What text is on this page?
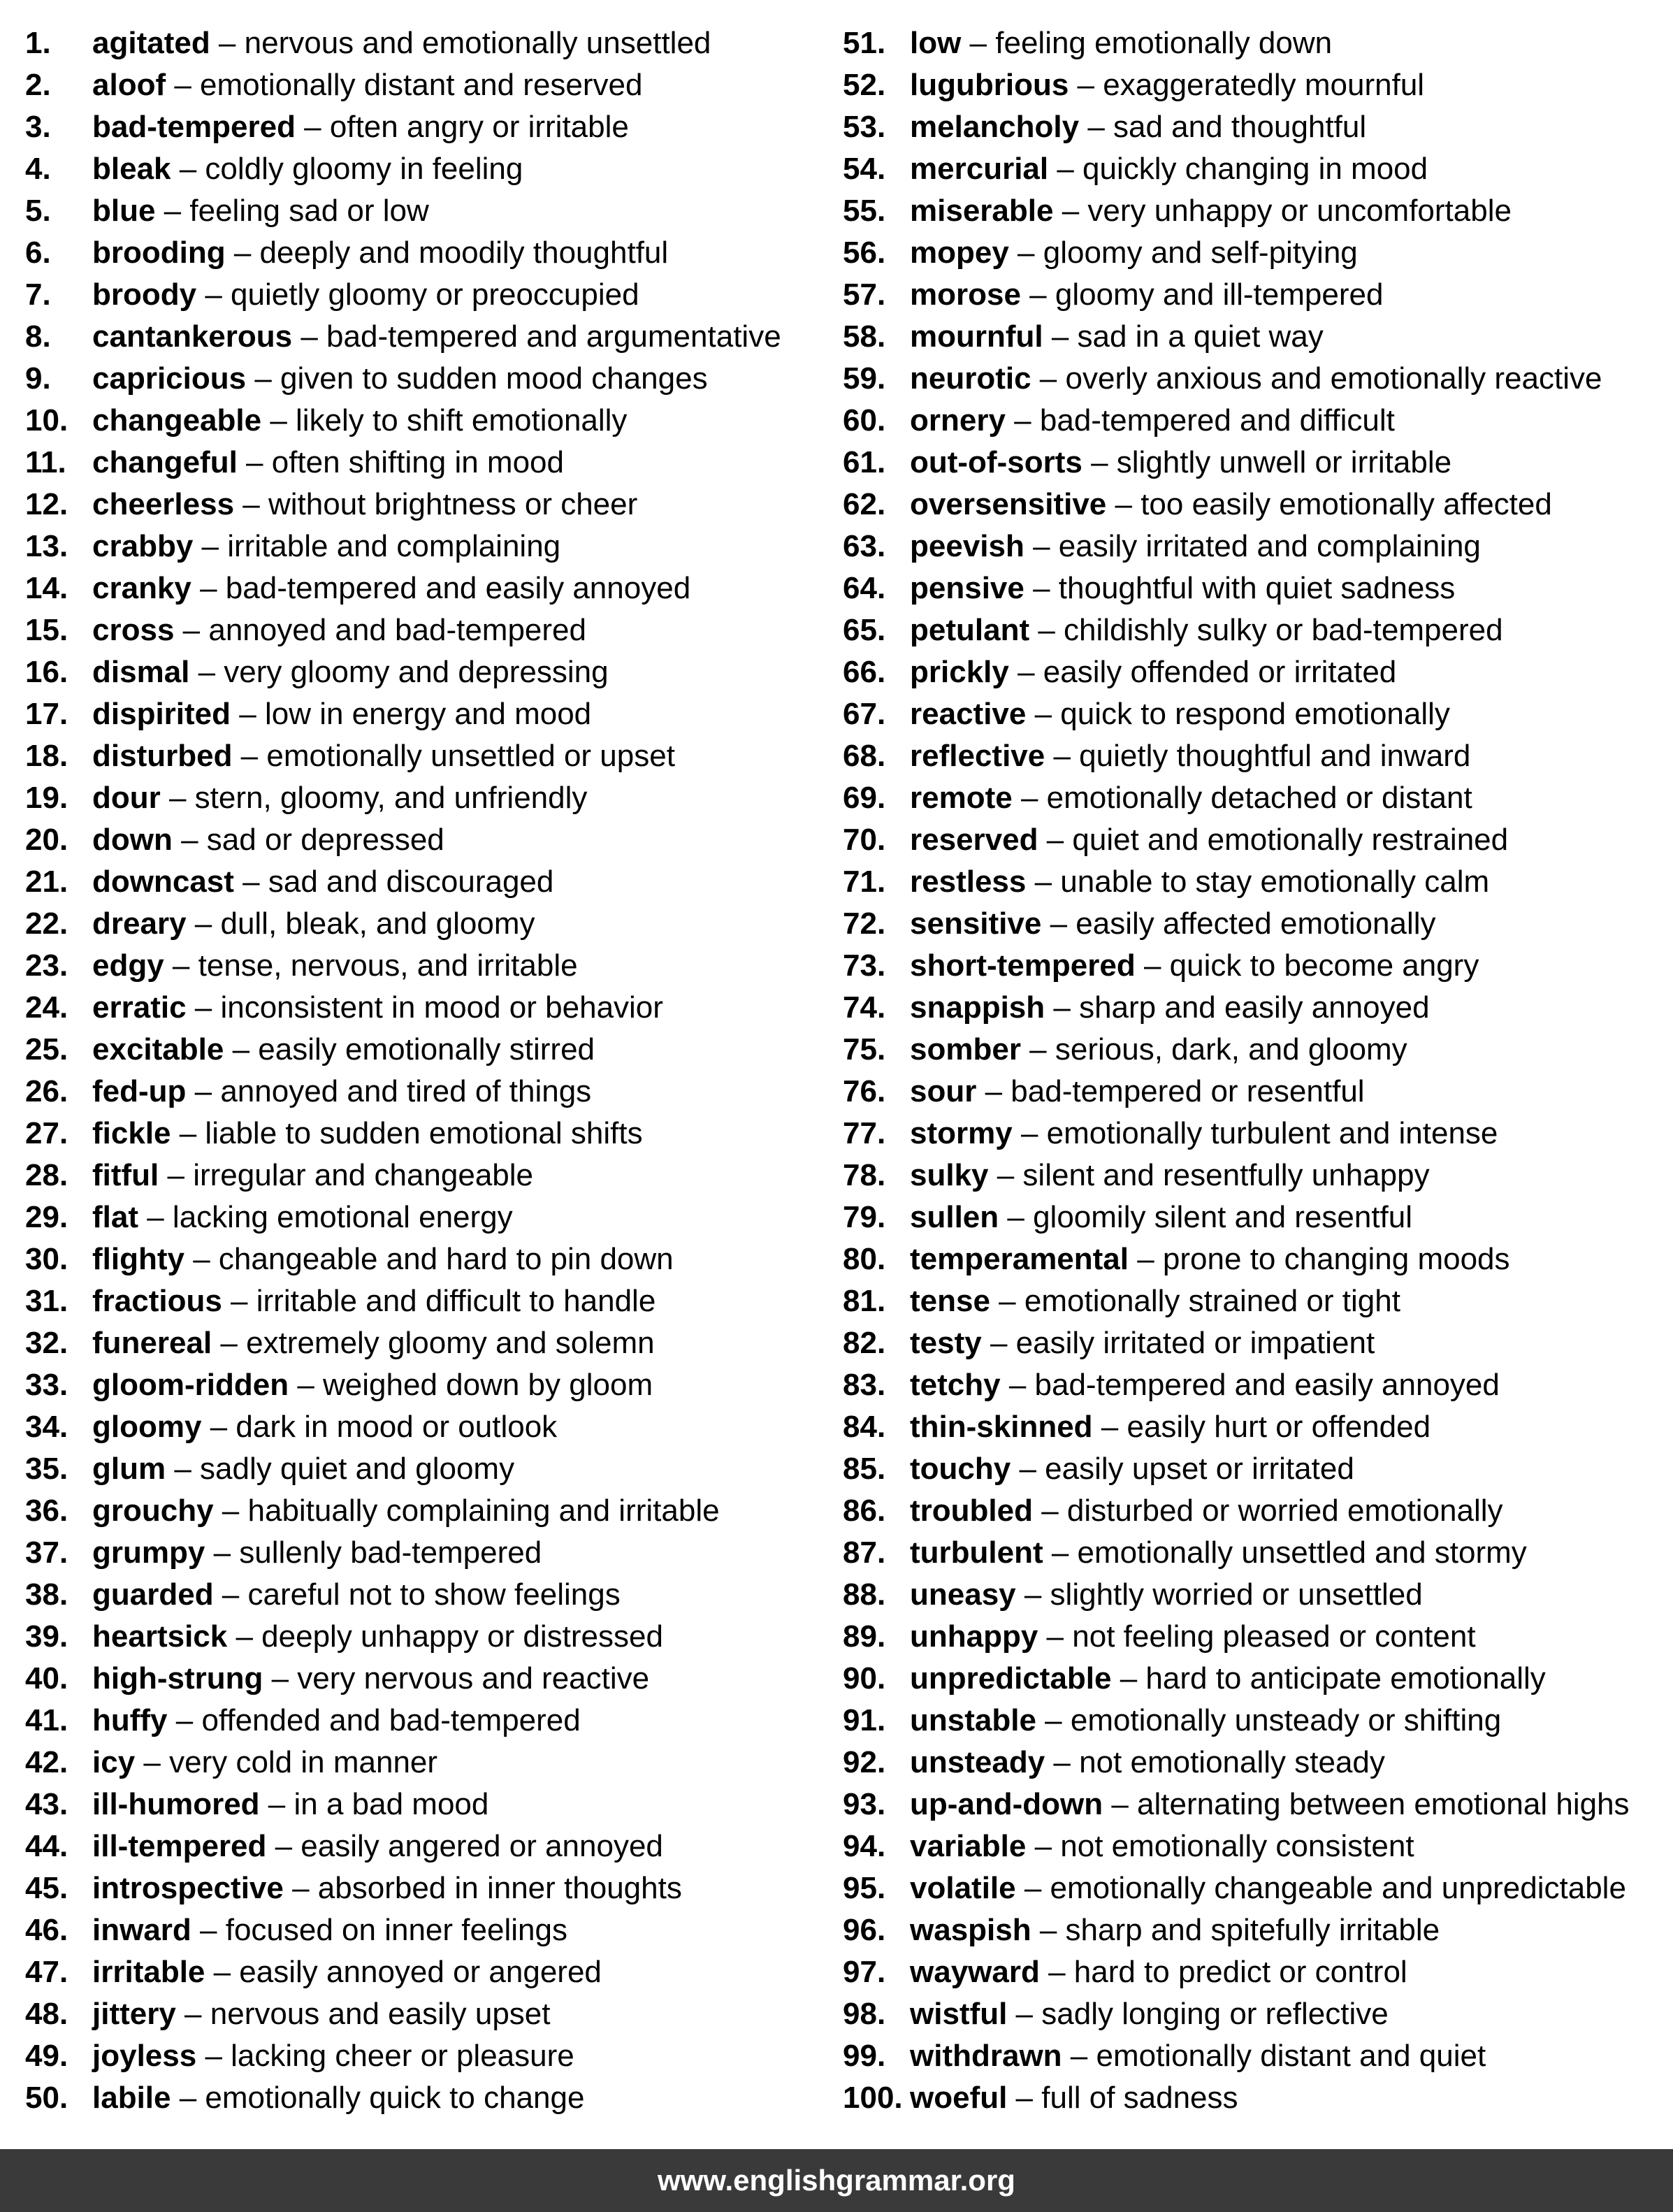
1. agitated – nervous and emotionally unsettled
2. aloof – emotionally distant and reserved
3. bad-tempered – often angry or irritable
4. bleak – coldly gloomy in feeling
5. blue – feeling sad or low
6. brooding – deeply and moodily thoughtful
7. broody – quietly gloomy or preoccupied
8. cantankerous – bad-tempered and argumentative
9. capricious – given to sudden mood changes
10. changeable – likely to shift emotionally
11. changeful – often shifting in mood
12. cheerless – without brightness or cheer
13. crabby – irritable and complaining
14. cranky – bad-tempered and easily annoyed
15. cross – annoyed and bad-tempered
16. dismal – very gloomy and depressing
17. dispirited – low in energy and mood
18. disturbed – emotionally unsettled or upset
19. dour – stern, gloomy, and unfriendly
20. down – sad or depressed
21. downcast – sad and discouraged
22. dreary – dull, bleak, and gloomy
23. edgy – tense, nervous, and irritable
24. erratic – inconsistent in mood or behavior
25. excitable – easily emotionally stirred
26. fed-up – annoyed and tired of things
27. fickle – liable to sudden emotional shifts
28. fitful – irregular and changeable
29. flat – lacking emotional energy
30. flighty – changeable and hard to pin down
31. fractious – irritable and difficult to handle
32. funereal – extremely gloomy and solemn
33. gloom-ridden – weighed down by gloom
34. gloomy – dark in mood or outlook
35. glum – sadly quiet and gloomy
36. grouchy – habitually complaining and irritable
37. grumpy – sullenly bad-tempered
38. guarded – careful not to show feelings
39. heartsick – deeply unhappy or distressed
40. high-strung – very nervous and reactive
41. huffy – offended and bad-tempered
42. icy – very cold in manner
43. ill-humored – in a bad mood
44. ill-tempered – easily angered or annoyed
45. introspective – absorbed in inner thoughts
46. inward – focused on inner feelings
47. irritable – easily annoyed or angered
48. jittery – nervous and easily upset
49. joyless – lacking cheer or pleasure
50. labile – emotionally quick to change
51. low – feeling emotionally down
52. lugubrious – exaggeratedly mournful
53. melancholy – sad and thoughtful
54. mercurial – quickly changing in mood
55. miserable – very unhappy or uncomfortable
56. mopey – gloomy and self-pitying
57. morose – gloomy and ill-tempered
58. mournful – sad in a quiet way
59. neurotic – overly anxious and emotionally reactive
60. ornery – bad-tempered and difficult
61. out-of-sorts – slightly unwell or irritable
62. oversensitive – too easily emotionally affected
63. peevish – easily irritated and complaining
64. pensive – thoughtful with quiet sadness
65. petulant – childishly sulky or bad-tempered
66. prickly – easily offended or irritated
67. reactive – quick to respond emotionally
68. reflective – quietly thoughtful and inward
69. remote – emotionally detached or distant
70. reserved – quiet and emotionally restrained
71. restless – unable to stay emotionally calm
72. sensitive – easily affected emotionally
73. short-tempered – quick to become angry
74. snappish – sharp and easily annoyed
75. somber – serious, dark, and gloomy
76. sour – bad-tempered or resentful
77. stormy – emotionally turbulent and intense
78. sulky – silent and resentfully unhappy
79. sullen – gloomily silent and resentful
80. temperamental – prone to changing moods
81. tense – emotionally strained or tight
82. testy – easily irritated or impatient
83. tetchy – bad-tempered and easily annoyed
84. thin-skinned – easily hurt or offended
85. touchy – easily upset or irritated
86. troubled – disturbed or worried emotionally
87. turbulent – emotionally unsettled and stormy
88. uneasy – slightly worried or unsettled
89. unhappy – not feeling pleased or content
90. unpredictable – hard to anticipate emotionally
91. unstable – emotionally unsteady or shifting
92. unsteady – not emotionally steady
93. up-and-down – alternating between emotional highs
94. variable – not emotionally consistent
95. volatile – emotionally changeable and unpredictable
96. waspish – sharp and spitefully irritable
97. wayward – hard to predict or control
98. wistful – sadly longing or reflective
99. withdrawn – emotionally distant and quiet
100. woeful – full of sadness
www.englishgrammar.org
